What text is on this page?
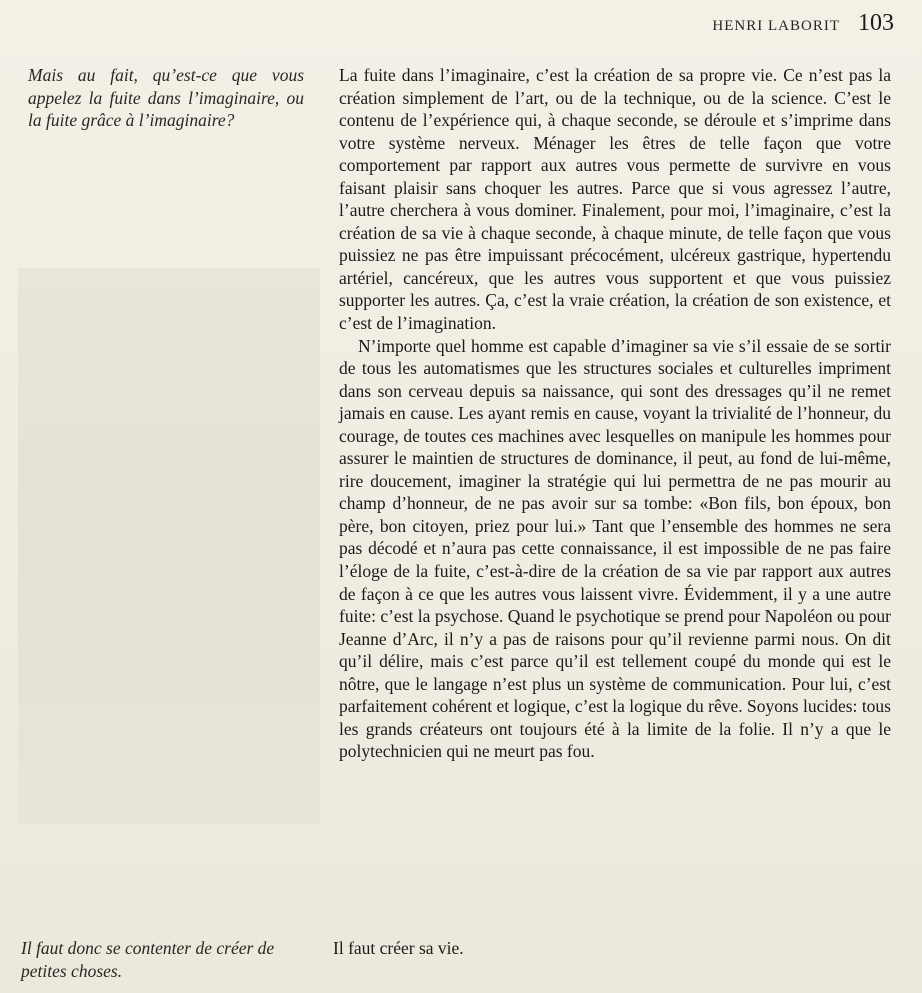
HENRI LABORIT 103
Mais au fait, qu’est-ce que vous appelez la fuite dans l’imaginaire, ou la fuite grâce à l’imaginaire?

La fuite dans l’imaginaire, c’est la création de sa propre vie. Ce n’est pas la création simplement de l’art, ou de la technique, ou de la science. C’est le contenu de l’expérience qui, à chaque seconde, se déroule et s’imprime dans votre système nerveux. Ménager les êtres de telle façon que votre comportement par rapport aux autres vous permette de survivre en vous faisant plaisir sans choquer les autres. Parce que si vous agressez l’autre, l’autre cherchera à vous dominer. Finalement, pour moi, l’imaginaire, c’est la création de sa vie à chaque seconde, à chaque minute, de telle façon que vous puissiez ne pas être impuissant précocément, ulcéreux gastrique, hypertendu artériel, cancéreux, que les autres vous supportent et que vous puissiez supporter les autres. Ça, c’est la vraie création, la création de son existence, et c’est de l’imagination.

N’importe quel homme est capable d’imaginer sa vie s’il essaie de se sortir de tous les automatismes que les structures sociales et culturelles impriment dans son cerveau depuis sa naissance, qui sont des dressages qu’il ne remet jamais en cause. Les ayant remis en cause, voyant la trivialité de l’honneur, du courage, de toutes ces machines avec lesquelles on manipule les hommes pour assurer le maintien de structures de dominance, il peut, au fond de lui-même, rire doucement, imaginer la stratégie qui lui permettra de ne pas mourir au champ d’honneur, de ne pas avoir sur sa tombe: «Bon fils, bon époux, bon père, bon citoyen, priez pour lui.» Tant que l’ensemble des hommes ne sera pas décodé et n’aura pas cette connaissance, il est impossible de ne pas faire l’éloge de la fuite, c’est-à-dire de la création de sa vie par rapport aux autres de façon à ce que les autres vous laissent vivre. Évidemment, il y a une autre fuite: c’est la psychose. Quand le psychotique se prend pour Napoléon ou pour Jeanne d’Arc, il n’y a pas de raisons pour qu’il revienne parmi nous. On dit qu’il délire, mais c’est parce qu’il est tellement coupé du monde qui est le nôtre, que le langage n’est plus un système de communication. Pour lui, c’est parfaitement cohérent et logique, c’est la logique du rêve. Soyons lucides: tous les grands créateurs ont toujours été à la limite de la folie. Il n’y a que le polytechnicien qui ne meurt pas fou.

Il faut donc se contenter de créer de petites choses.
Il faut créer sa vie.
